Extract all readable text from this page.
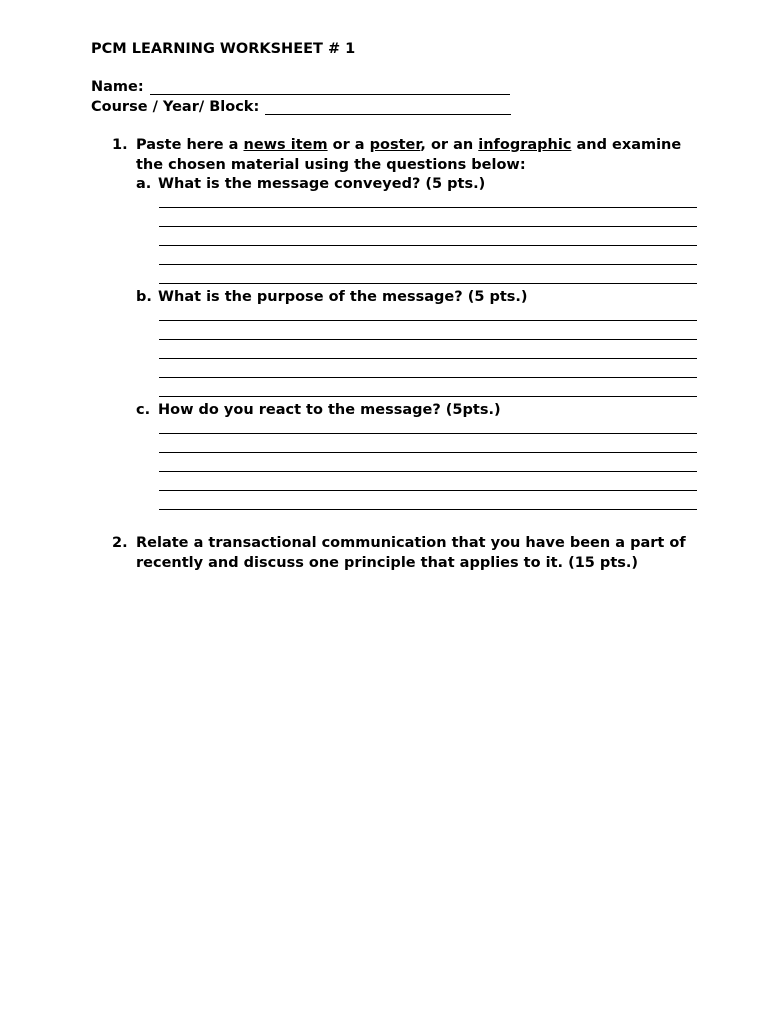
PCM LEARNING WORKSHEET # 1
Name:
Course / Year/ Block:
1. Paste here a news item or a poster, or an infographic and examine the chosen material using the questions below:
a. What is the message conveyed? (5 pts.)
b. What is the purpose of the message? (5 pts.)
c. How do you react to the message? (5pts.)
2. Relate a transactional communication that you have been a part of recently and discuss one principle that applies to it. (15 pts.)
